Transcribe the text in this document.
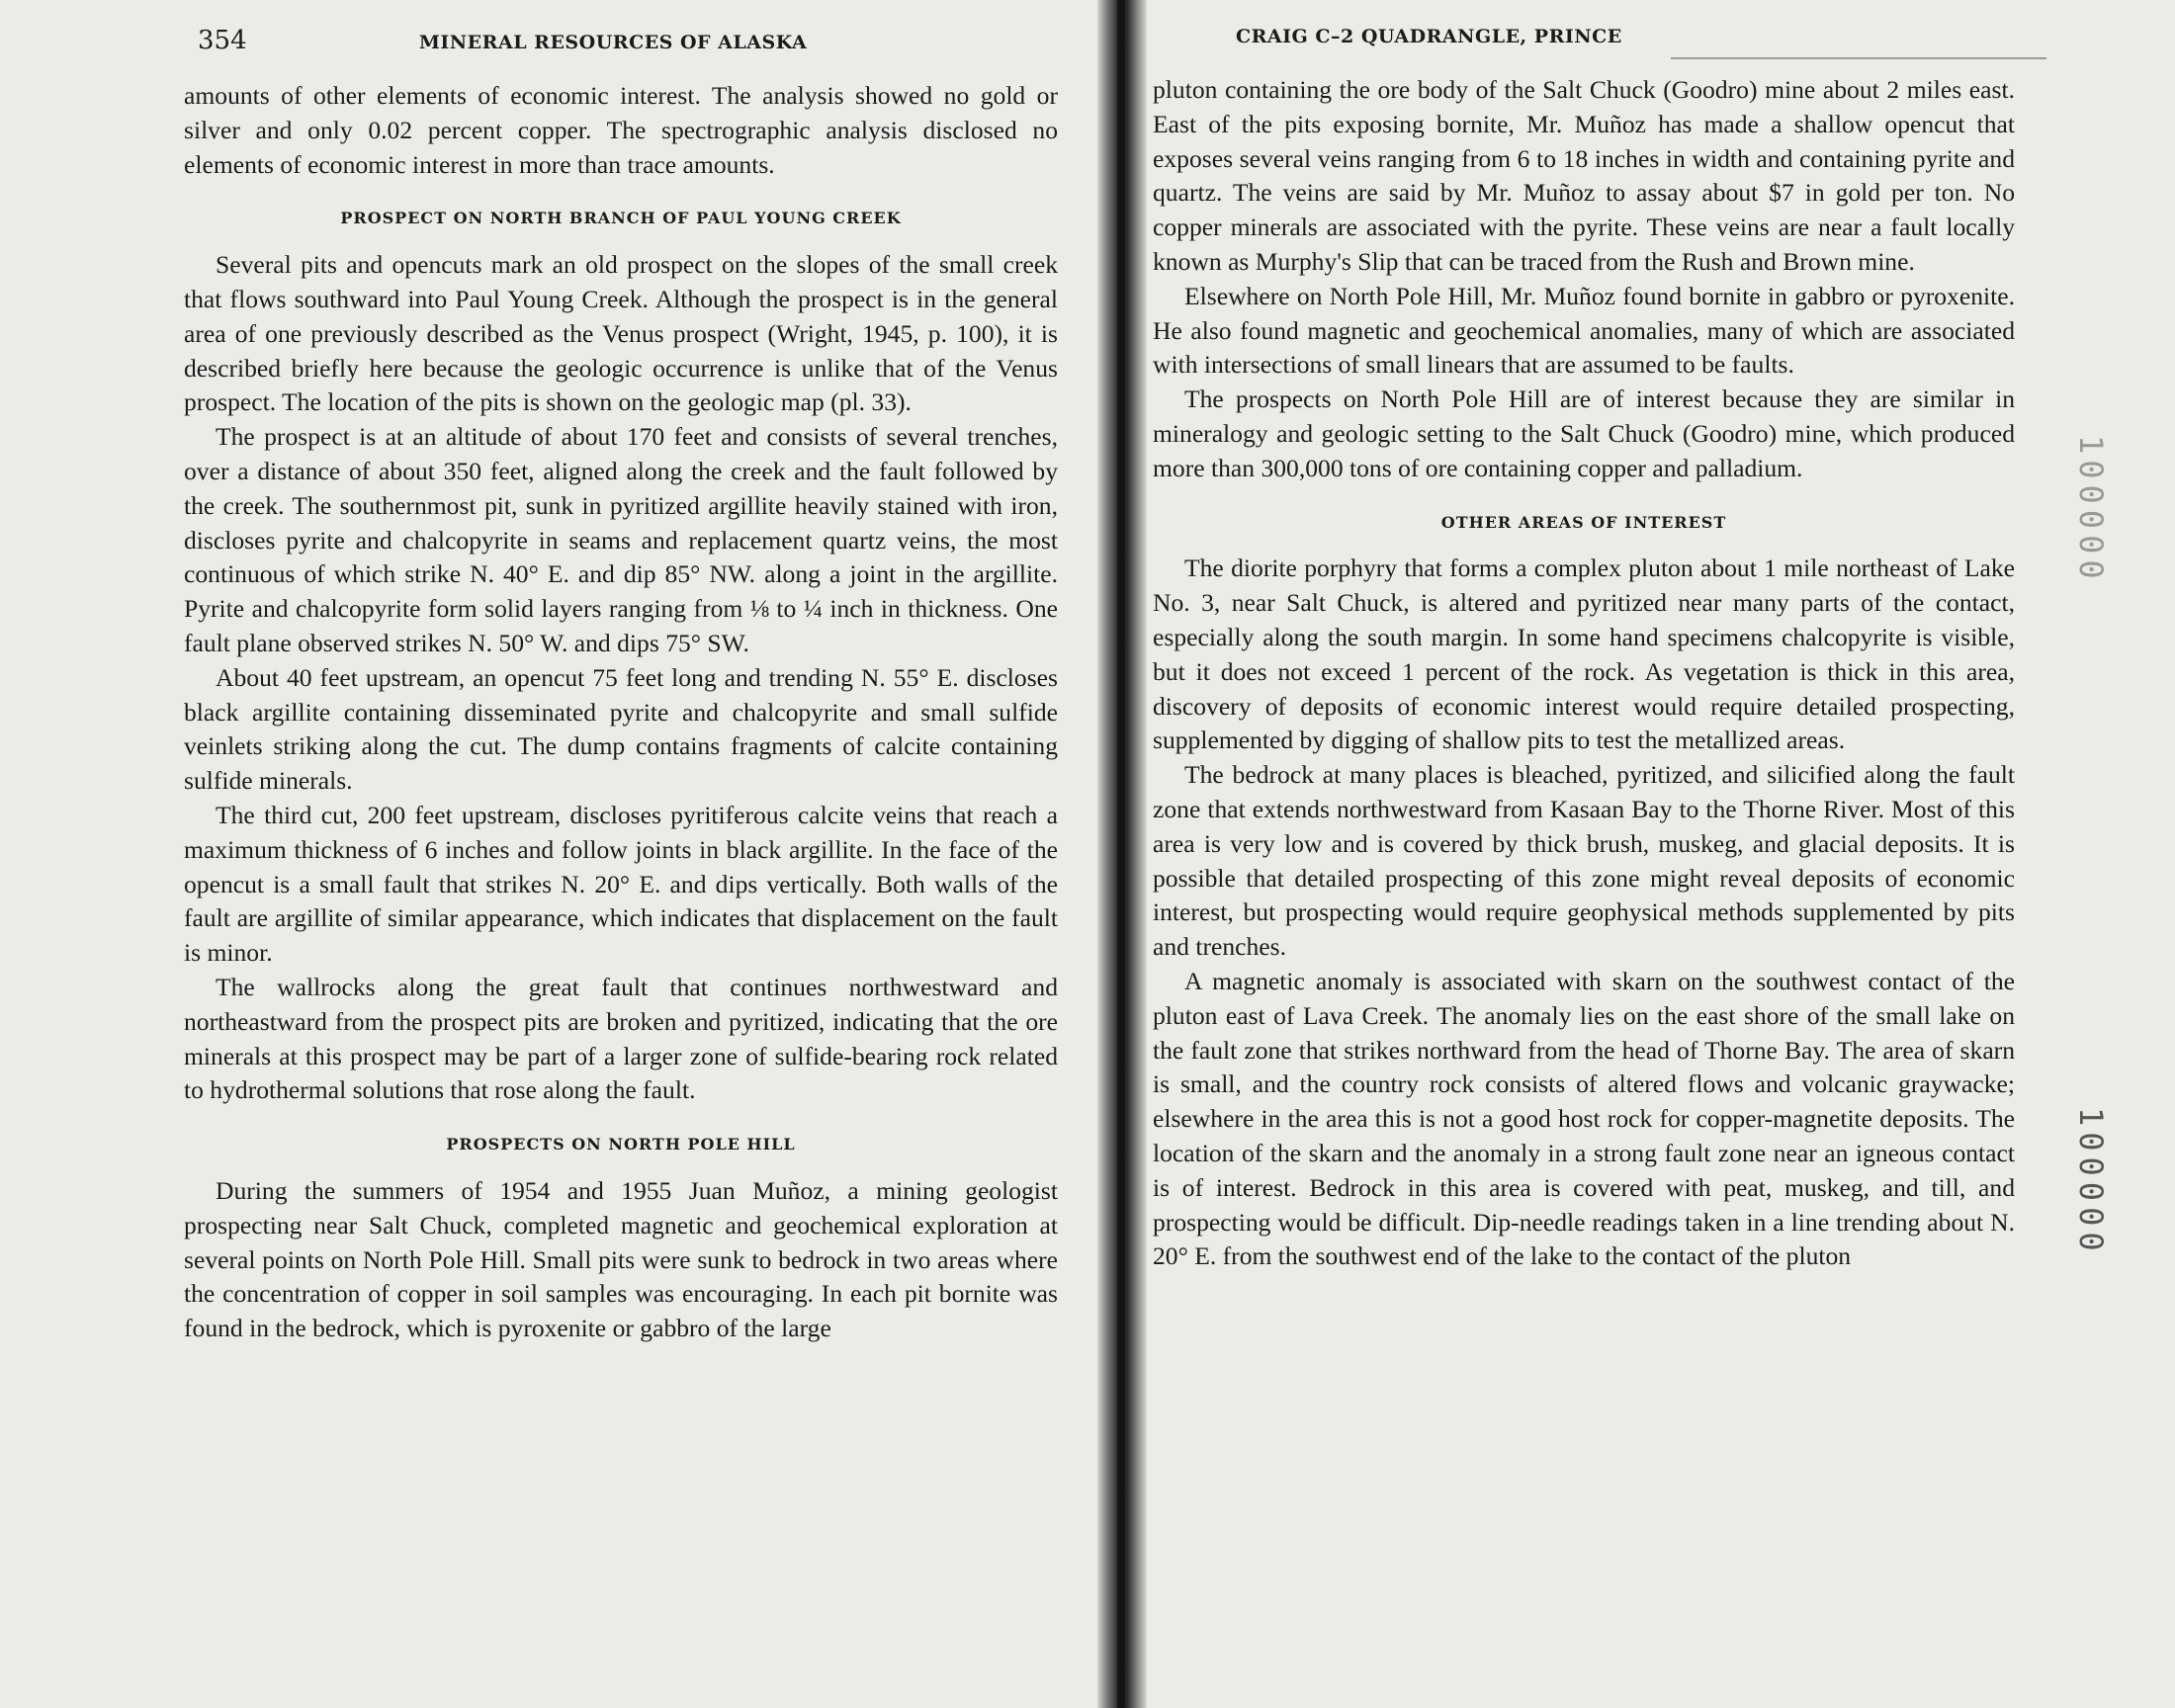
354	MINERAL RESOURCES OF ALASKA

amounts of other elements of economic interest. The analysis showed no gold or silver and only 0.02 percent copper. The spectrographic analysis disclosed no elements of economic interest in more than trace amounts.

PROSPECT ON NORTH BRANCH OF PAUL YOUNG CREEK

Several pits and opencuts mark an old prospect on the slopes of the small creek that flows southward into Paul Young Creek. Although the prospect is in the general area of one previously described as the Venus prospect (Wright, 1945, p. 100), it is described briefly here because the geologic occurrence is unlike that of the Venus prospect. The location of the pits is shown on the geologic map (pl. 33).

The prospect is at an altitude of about 170 feet and consists of several trenches, over a distance of about 350 feet, aligned along the creek and the fault followed by the creek. The southernmost pit, sunk in pyritized argillite heavily stained with iron, discloses pyrite and chalcopyrite in seams and replacement quartz veins, the most continuous of which strike N. 40° E. and dip 85° NW. along a joint in the argillite. Pyrite and chalcopyrite form solid layers ranging from ⅛ to ¼ inch in thickness. One fault plane observed strikes N. 50° W. and dips 75° SW.

About 40 feet upstream, an opencut 75 feet long and trending N. 55° E. discloses black argillite containing disseminated pyrite and chalcopyrite and small sulfide veinlets striking along the cut. The dump contains fragments of calcite containing sulfide minerals.

The third cut, 200 feet upstream, discloses pyritiferous calcite veins that reach a maximum thickness of 6 inches and follow joints in black argillite. In the face of the opencut is a small fault that strikes N. 20° E. and dips vertically. Both walls of the fault are argillite of similar appearance, which indicates that displacement on the fault is minor.

The wallrocks along the great fault that continues northwestward and northeastward from the prospect pits are broken and pyritized, indicating that the ore minerals at this prospect may be part of a larger zone of sulfide-bearing rock related to hydrothermal solutions that rose along the fault.

PROSPECTS ON NORTH POLE HILL

During the summers of 1954 and 1955 Juan Muñoz, a mining geologist prospecting near Salt Chuck, completed magnetic and geochemical exploration at several points on North Pole Hill. Small pits were sunk to bedrock in two areas where the concentration of copper in soil samples was encouraging. In each pit bornite was found in the bedrock, which is pyroxenite or gabbro of the large

CRAIG C–2 QUADRANGLE, PRINCE

pluton containing the ore body of the Salt Chuck (Goodro) mine about 2 miles east. East of the pits exposing bornite, Mr. Muñoz has made a shallow opencut that exposes several veins ranging from 6 to 18 inches in width and containing pyrite and quartz. The veins are said by Mr. Muñoz to assay about $7 in gold per ton. No copper minerals are associated with the pyrite. These veins are near a fault locally known as Murphy's Slip that can be traced from the Rush and Brown mine.

Elsewhere on North Pole Hill, Mr. Muñoz found bornite in gabbro or pyroxenite. He also found magnetic and geochemical anomalies, many of which are associated with intersections of small linears that are assumed to be faults.

The prospects on North Pole Hill are of interest because they are similar in mineralogy and geologic setting to the Salt Chuck (Goodro) mine, which produced more than 300,000 tons of ore containing copper and palladium.

OTHER AREAS OF INTEREST

The diorite porphyry that forms a complex pluton about 1 mile northeast of Lake No. 3, near Salt Chuck, is altered and pyritized near many parts of the contact, especially along the south margin. In some hand specimens chalcopyrite is visible, but it does not exceed 1 percent of the rock. As vegetation is thick in this area, discovery of deposits of economic interest would require detailed prospecting, supplemented by digging of shallow pits to test the metallized areas.

The bedrock at many places is bleached, pyritized, and silicified along the fault zone that extends northwestward from Kasaan Bay to the Thorne River. Most of this area is very low and is covered by thick brush, muskeg, and glacial deposits. It is possible that detailed prospecting of this zone might reveal deposits of economic interest, but prospecting would require geophysical methods supplemented by pits and trenches.

A magnetic anomaly is associated with skarn on the southwest contact of the pluton east of Lava Creek. The anomaly lies on the east shore of the small lake on the fault zone that strikes northward from the head of Thorne Bay. The area of skarn is small, and the country rock consists of altered flows and volcanic graywacke; elsewhere in the area this is not a good host rock for copper-magnetite deposits. The location of the skarn and the anomaly in a strong fault zone near an igneous contact is of interest. Bedrock in this area is covered with peat, muskeg, and till, and prospecting would be difficult. Dip-needle readings taken in a line trending about N. 20° E. from the southwest end of the lake to the contact of the pluton

100000
100000
